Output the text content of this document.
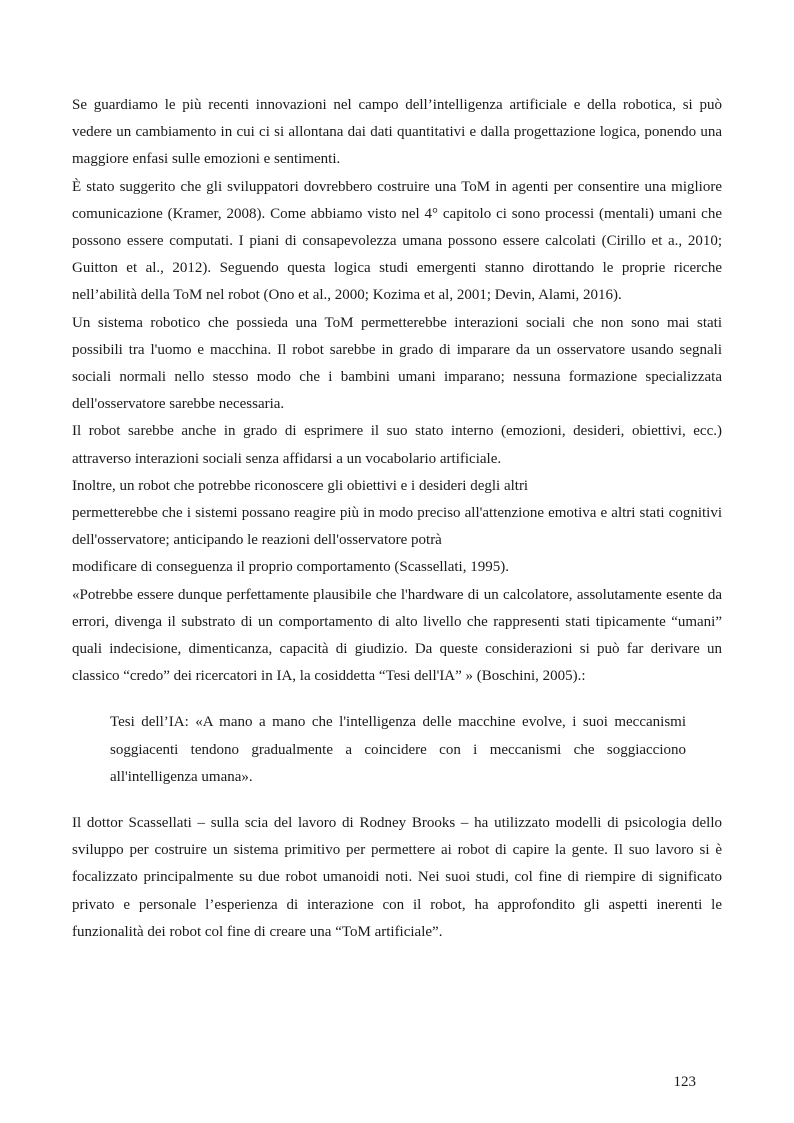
Se guardiamo le più recenti innovazioni nel campo dell’intelligenza artificiale e della robotica, si può vedere un cambiamento in cui ci si allontana dai dati quantitativi e dalla progettazione logica, ponendo una maggiore enfasi sulle emozioni e sentimenti.

È stato suggerito che gli sviluppatori dovrebbero costruire una ToM in agenti per consentire una migliore comunicazione (Kramer, 2008). Come abbiamo visto nel 4° capitolo ci sono processi (mentali) umani che possono essere computati. I piani di consapevolezza umana possono essere calcolati (Cirillo et a., 2010; Guitton et al., 2012). Seguendo questa logica studi emergenti stanno dirottando le proprie ricerche nell’abilità della ToM nel robot (Ono et al., 2000; Kozima et al, 2001; Devin, Alami, 2016).

Un sistema robotico che possieda una ToM permetterebbe interazioni sociali che non sono mai stati possibili tra l'uomo e macchina. Il robot sarebbe in grado di imparare da un osservatore usando segnali sociali normali nello stesso modo che i bambini umani imparano; nessuna formazione specializzata dell'osservatore sarebbe necessaria.

Il robot sarebbe anche in grado di esprimere il suo stato interno (emozioni, desideri, obiettivi, ecc.) attraverso interazioni sociali senza affidarsi a un vocabolario artificiale.

Inoltre, un robot che potrebbe riconoscere gli obiettivi e i desideri degli altri

permetterebbe che i sistemi possano reagire più in modo preciso all'attenzione emotiva e altri stati cognitivi dell'osservatore; anticipando le reazioni dell'osservatore potrà

modificare di conseguenza il proprio comportamento (Scassellati, 1995).

«Potrebbe essere dunque perfettamente plausibile che l'hardware di un calcolatore, assolutamente esente da errori, divenga il substrato di un comportamento di alto livello che rappresenti stati tipicamente “umani” quali indecisione, dimenticanza, capacità di giudizio. Da queste considerazioni si può far derivare un classico “credo” dei ricercatori in IA, la cosiddetta “Tesi dell'IA” » (Boschini, 2005).:

Tesi dell’IA: «A mano a mano che l'intelligenza delle macchine evolve, i suoi meccanismi soggiacenti tendono gradualmente a coincidere con i meccanismi che soggiacciono all'intelligenza umana».

Il dottor Scassellati – sulla scia del lavoro di Rodney Brooks – ha utilizzato modelli di psicologia dello sviluppo per costruire un sistema primitivo per permettere ai robot di capire la gente. Il suo lavoro si è focalizzato principalmente su due robot umanoidi noti. Nei suoi studi, col fine di riempire di significato privato e personale l’esperienza di interazione con il robot, ha approfondito gli aspetti inerenti le funzionalità dei robot col fine di creare una “ToM artificiale”.

123
